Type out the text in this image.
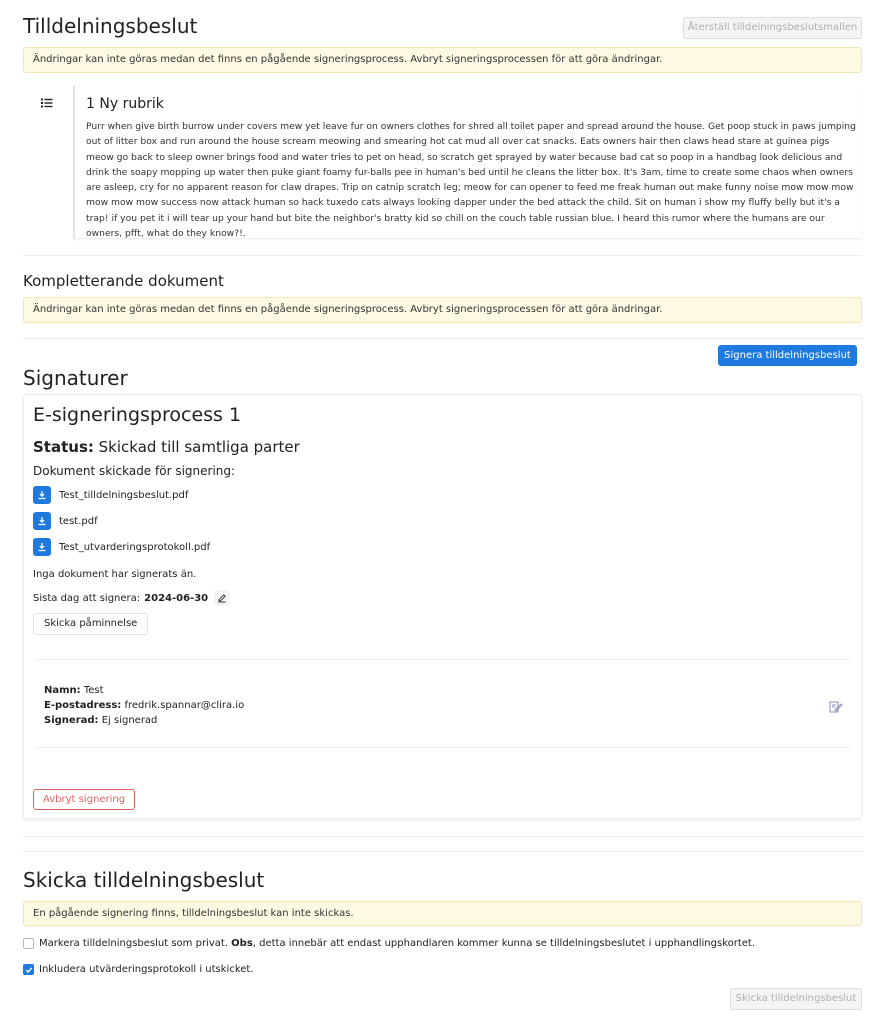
Tilldelningsbeslut	Återställ tilldelningsbeslutsmallen
Ändringar kan inte göras medan det finns en pågående signeringsprocess. Avbryt signeringsprocessen för att göra ändringar.
1 Ny rubrik
Purr when give birth burrow under covers mew yet leave fur on owners clothes for shred all toilet paper and spread around the house. Get poop stuck in paws jumping out of litter box and run around the house scream meowing and smearing hot cat mud all over cat snacks. Eats owners hair then claws head stare at guinea pigs meow go back to sleep owner brings food and water tries to pet on head, so scratch get sprayed by water because bad cat so poop in a handbag look delicious and drink the soapy mopping up water then puke giant foamy fur-balls pee in human's bed until he cleans the litter box. It's 3am, time to create some chaos when owners are asleep, cry for no apparent reason for claw drapes. Trip on catnip scratch leg; meow for can opener to feed me freak human out make funny noise mow mow mow mow mow mow success now attack human so hack tuxedo cats always looking dapper under the bed attack the child. Sit on human i show my fluffy belly but it's a trap! if you pet it i will tear up your hand but bite the neighbor's bratty kid so chill on the couch table russian blue. I heard this rumor where the humans are our owners, pfft, what do they know?!.
Kompletterande dokument
Ändringar kan inte göras medan det finns en pågående signeringsprocess. Avbryt signeringsprocessen för att göra ändringar.
Signera tilldelningsbeslut
Signaturer
E-signeringsprocess 1
Status: Skickad till samtliga parter
Dokument skickade för signering:
Test_tilldelningsbeslut.pdf
test.pdf
Test_utvarderingsprotokoll.pdf
Inga dokument har signerats än.
Sista dag att signera: 2024-06-30
Skicka påminnelse
Namn: Test
E-postadress: fredrik.spannar@clira.io
Signerad: Ej signerad
Avbryt signering
Skicka tilldelningsbeslut
En pågående signering finns, tilldelningsbeslut kan inte skickas.
Markera tilldelningsbeslut som privat. Obs, detta innebär att endast upphandlaren kommer kunna se tilldelningsbeslutet i upphandlingskortet.
Inkludera utvärderingsprotokoll i utskicket.
Skicka tilldelningsbeslut
